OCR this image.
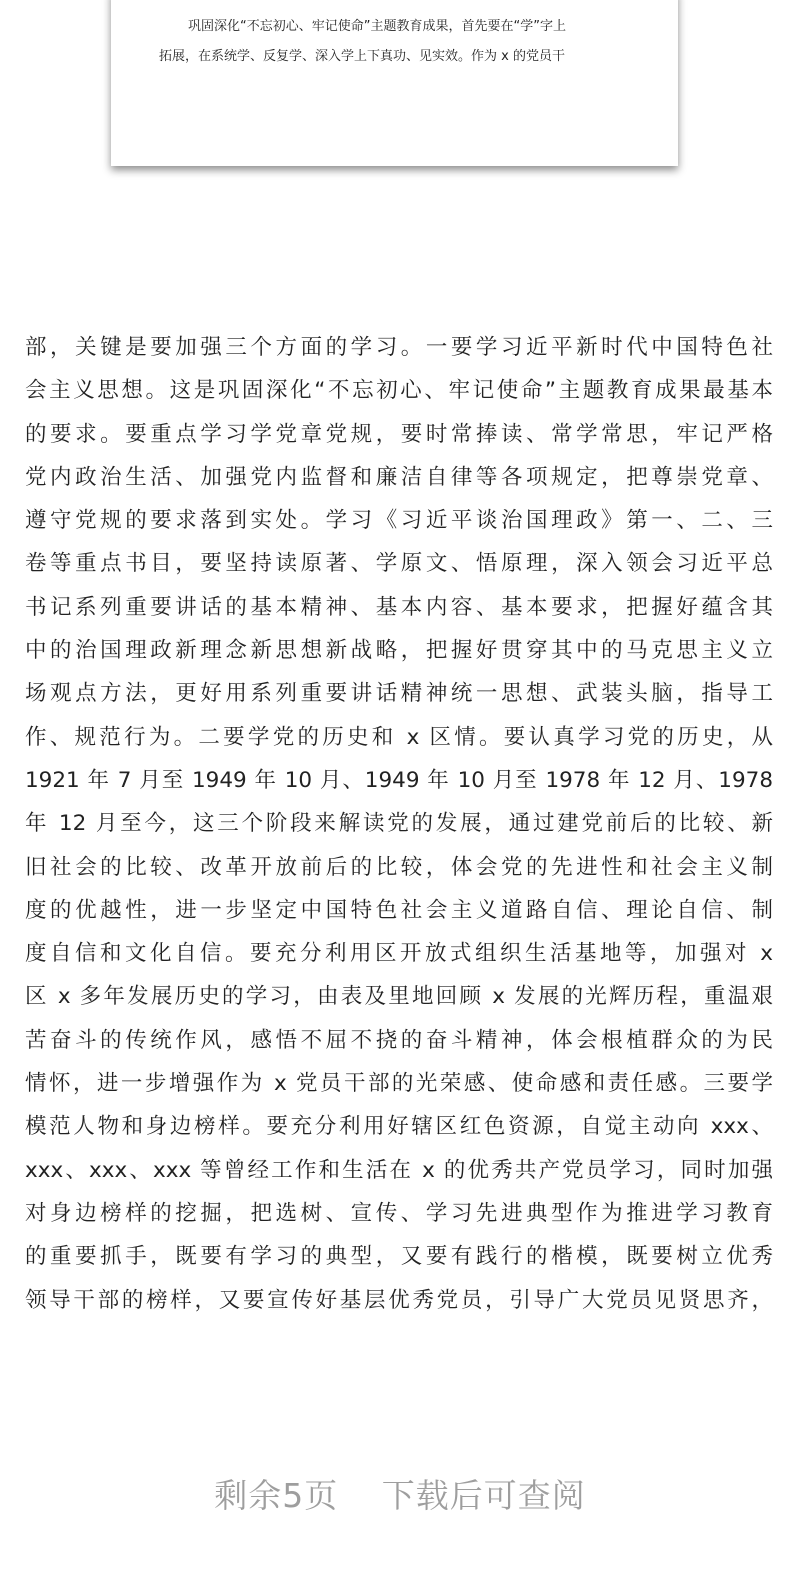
巩固深化“不忘初心、牢记使命”主题教育成果，首先要在“学”字上
拓展，在系统学、反复学、深入学上下真功、见实效。作为 x 的党员干
部，关键是要加强三个方面的学习。一要学习近平新时代中国特色社
会主义思想。这是巩固深化“不忘初心、牢记使命”主题教育成果最基本
的要求。要重点学习学党章党规，要时常捧读、常学常思，牢记严格
党内政治生活、加强党内监督和廉洁自律等各项规定，把尊崇党章、
遵守党规的要求落到实处。学习《习近平谈治国理政》第一、二、三
卷等重点书目，要坚持读原著、学原文、悟原理，深入领会习近平总
书记系列重要讲话的基本精神、基本内容、基本要求，把握好蕴含其
中的治国理政新理念新思想新战略，把握好贯穿其中的马克思主义立
场观点方法，更好用系列重要讲话精神统一思想、武装头脑，指导工
作、规范行为。二要学党的历史和 x 区情。要认真学习党的历史，从
1921 年 7 月至 1949 年 10 月、1949 年 10 月至 1978 年 12 月、1978
年 12 月至今，这三个阶段来解读党的发展，通过建党前后的比较、新
旧社会的比较、改革开放前后的比较，体会党的先进性和社会主义制
度的优越性，进一步坚定中国特色社会主义道路自信、理论自信、制
度自信和文化自信。要充分利用区开放式组织生活基地等，加强对 x
区 x 多年发展历史的学习，由表及里地回顾 x 发展的光辉历程，重温艰
苦奋斗的传统作风，感悟不屈不挠的奋斗精神，体会根植群众的为民
情怀，进一步增强作为 x 党员干部的光荣感、使命感和责任感。三要学
模范人物和身边榜样。要充分利用好辖区红色资源，自觉主动向 xxx、
xxx、xxx、xxx 等曾经工作和生活在 x 的优秀共产党员学习，同时加强
对身边榜样的挖掘，把选树、宣传、学习先进典型作为推进学习教育
的重要抓手，既要有学习的典型，又要有践行的楷模，既要树立优秀
领导干部的榜样，又要宣传好基层优秀党员，引导广大党员见贤思齐，
剩余5页 下载后可查阅
